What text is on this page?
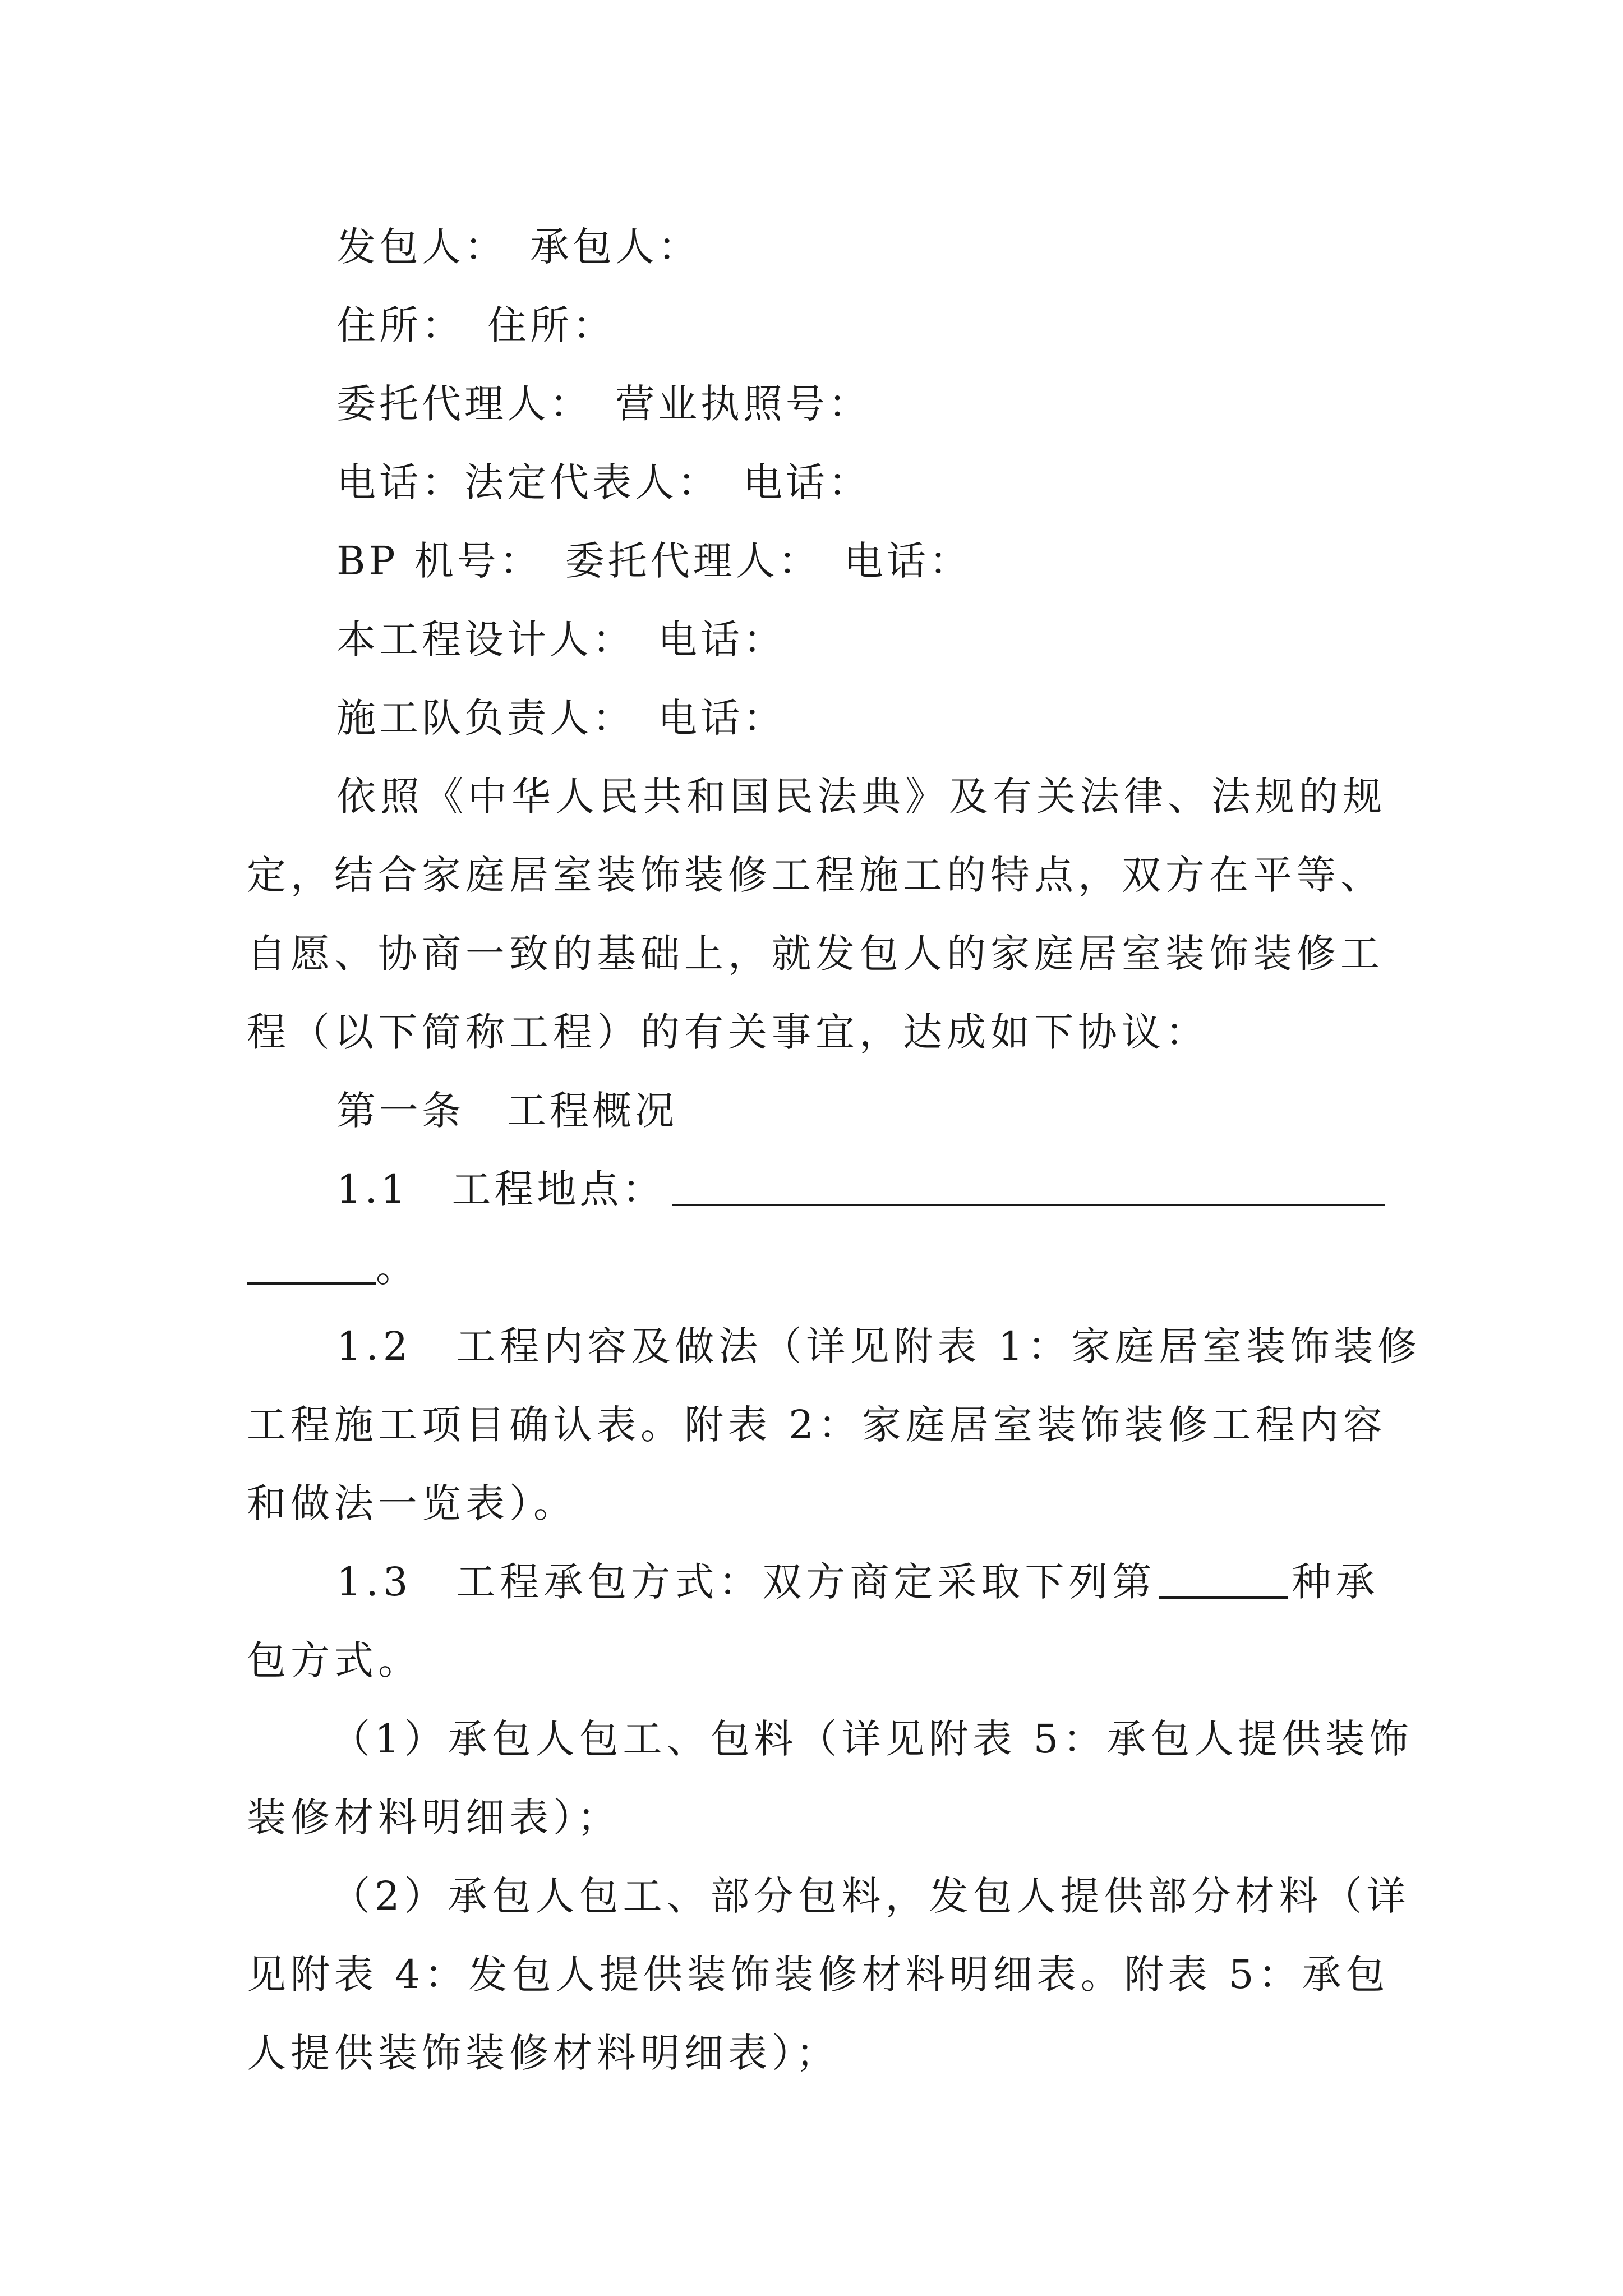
发包人：　承包人：
住所：　住所：
委托代理人：　营业执照号：
电话：法定代表人：　电话：
BP 机号：　委托代理人：　电话：
本工程设计人：　电话：
施工队负责人：　电话：
依照《中华人民共和国民法典》及有关法律、法规的规
定，结合家庭居室装饰装修工程施工的特点，双方在平等、
自愿、协商一致的基础上，就发包人的家庭居室装饰装修工
程（以下简称工程）的有关事宜，达成如下协议：
第一条　工程概况
1.1　工程地点：
。
1.2　工程内容及做法（详见附表 1：家庭居室装饰装修
工程施工项目确认表。附表 2：家庭居室装饰装修工程内容
和做法一览表）。
1.3　工程承包方式：双方商定采取下列第	种承
包方式。
（1）承包人包工、包料（详见附表 5：承包人提供装饰
装修材料明细表）；
（2）承包人包工、部分包料，发包人提供部分材料（详
见附表 4：发包人提供装饰装修材料明细表。附表 5：承包
人提供装饰装修材料明细表）；
